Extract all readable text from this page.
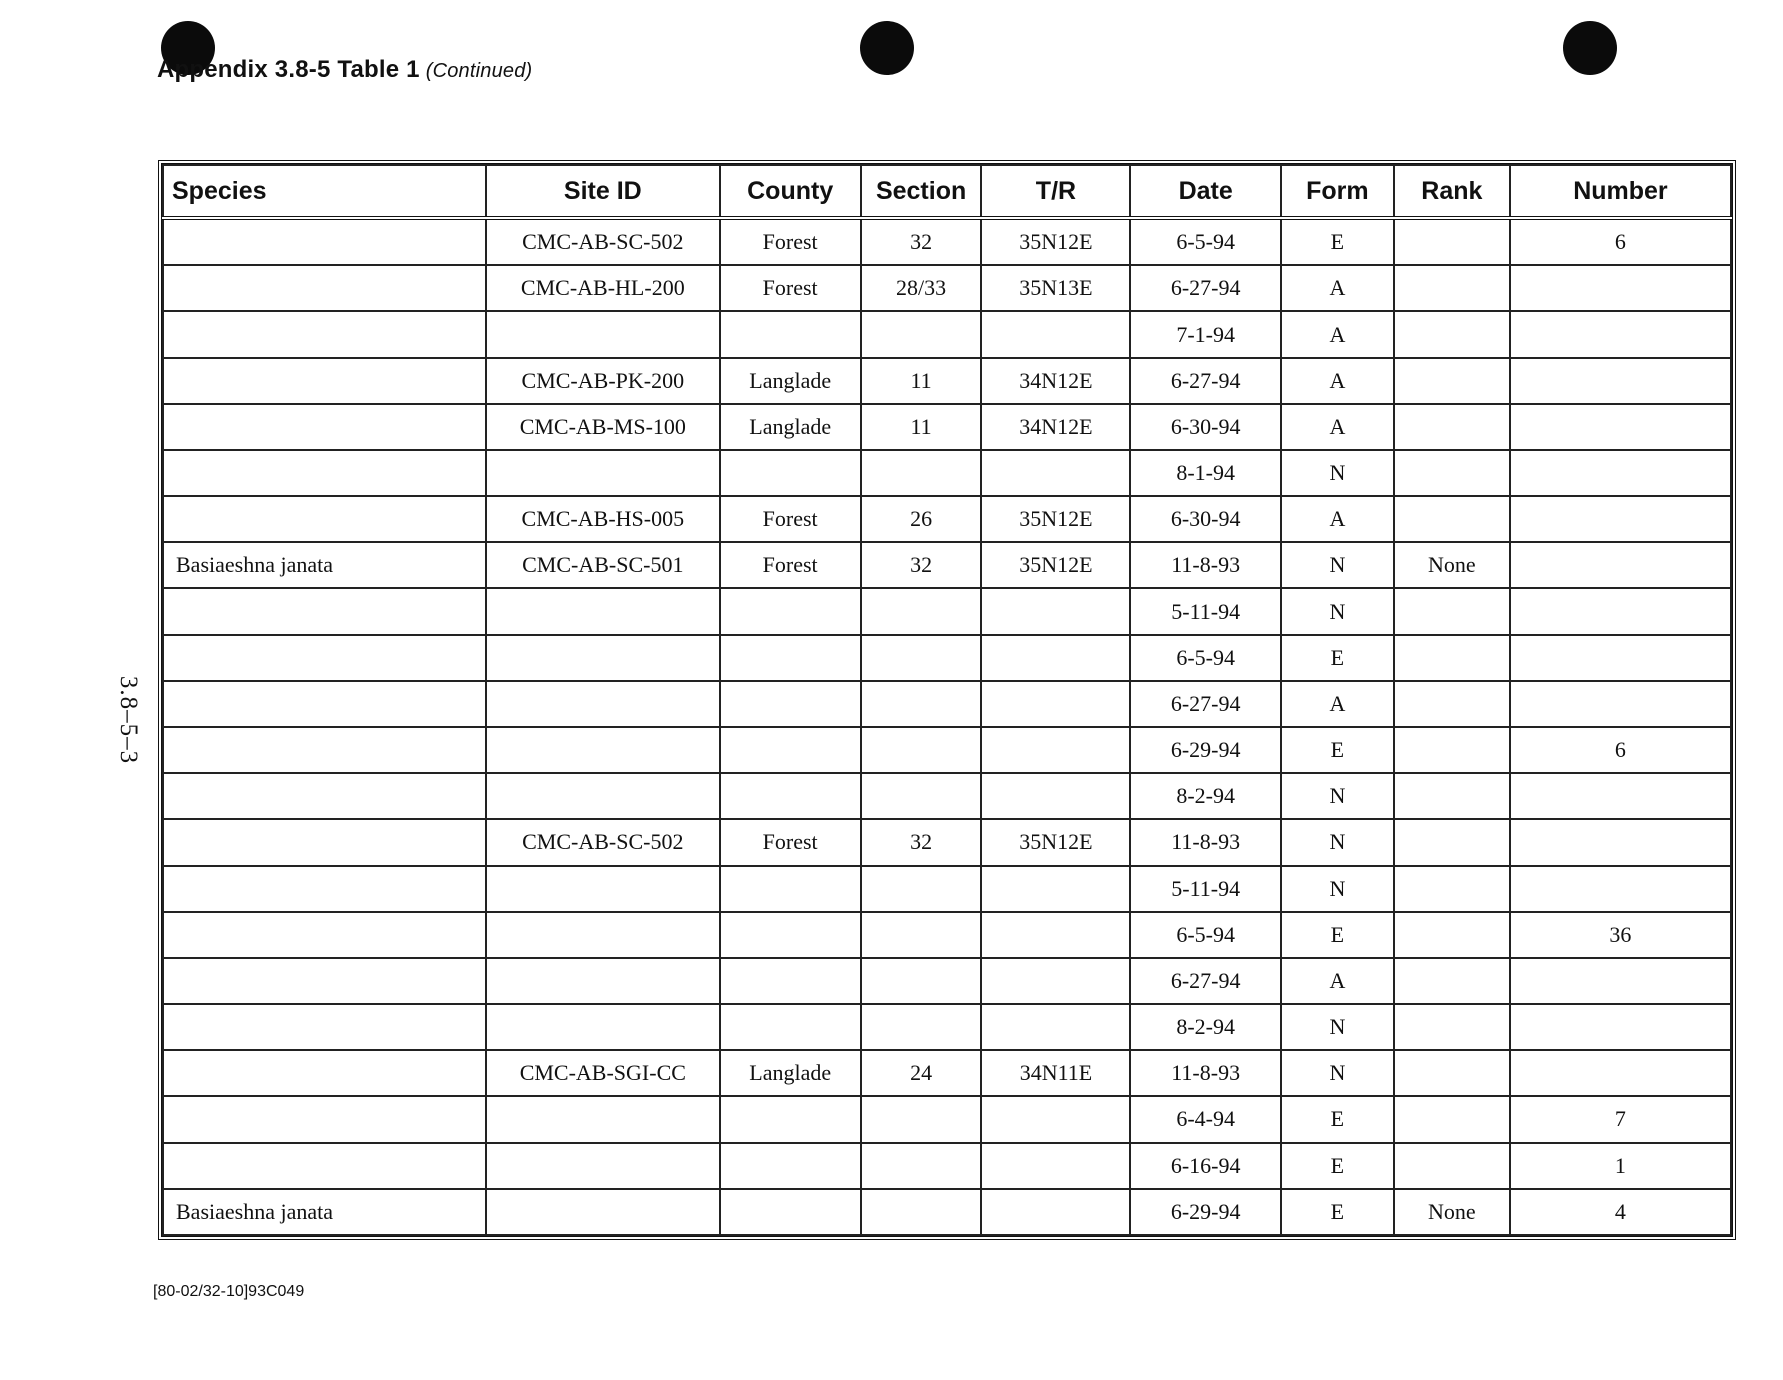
Appendix 3.8-5 Table 1 (Continued)
3.8–5–3
Species	Site ID	County	Section	T/R	Date	Form	Rank	Number
	CMC-AB-SC-502	Forest	32	35N12E	6-5-94	E		6
	CMC-AB-HL-200	Forest	28/33	35N13E	6-27-94	A		
					7-1-94	A		
	CMC-AB-PK-200	Langlade	11	34N12E	6-27-94	A		
	CMC-AB-MS-100	Langlade	11	34N12E	6-30-94	A		
					8-1-94	N		
	CMC-AB-HS-005	Forest	26	35N12E	6-30-94	A		
Basiaeshna janata	CMC-AB-SC-501	Forest	32	35N12E	11-8-93	N	None	
					5-11-94	N		
					6-5-94	E		
					6-27-94	A		
					6-29-94	E		6
					8-2-94	N		
	CMC-AB-SC-502	Forest	32	35N12E	11-8-93	N		
					5-11-94	N		
					6-5-94	E		36
					6-27-94	A		
					8-2-94	N		
	CMC-AB-SGI-CC	Langlade	24	34N11E	11-8-93	N		
					6-4-94	E		7
					6-16-94	E		1
Basiaeshna janata					6-29-94	E	None	4
[80-02/32-10]93C049
